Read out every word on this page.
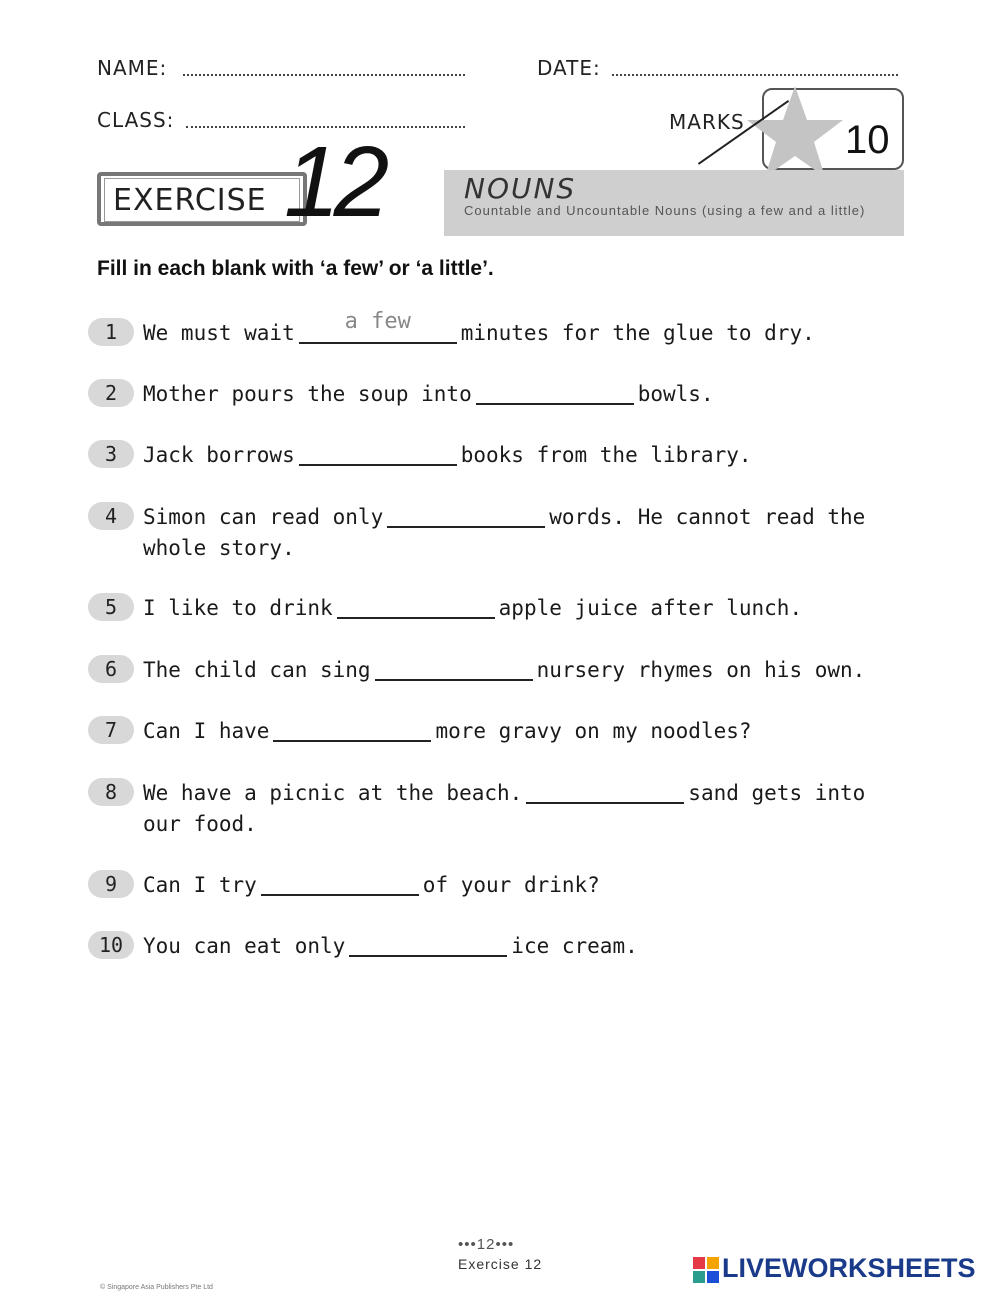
NAME:	DATE:
CLASS:	MARKS	10
EXERCISE 12	NOUNS
Countable and Uncountable Nouns (using a few and a little)
Fill in each blank with ‘a few’ or ‘a little’.
1	We must wait	a few	minutes for the glue to dry.
2	Mother pours the soup into	bowls.
3	Jack borrows	books from the library.
4	Simon can read only	words. He cannot read the whole story.
5	I like to drink	apple juice after lunch.
6	The child can sing	nursery rhymes on his own.
7	Can I have	more gravy on my noodles?
8	We have a picnic at the beach.	sand gets into our food.
9	Can I try	of your drink?
10 You can eat only	ice cream.
•••12•••
Exercise 12
© Singapore Asia Publishers Pte Ltd
LIVEWORKSHEETS
